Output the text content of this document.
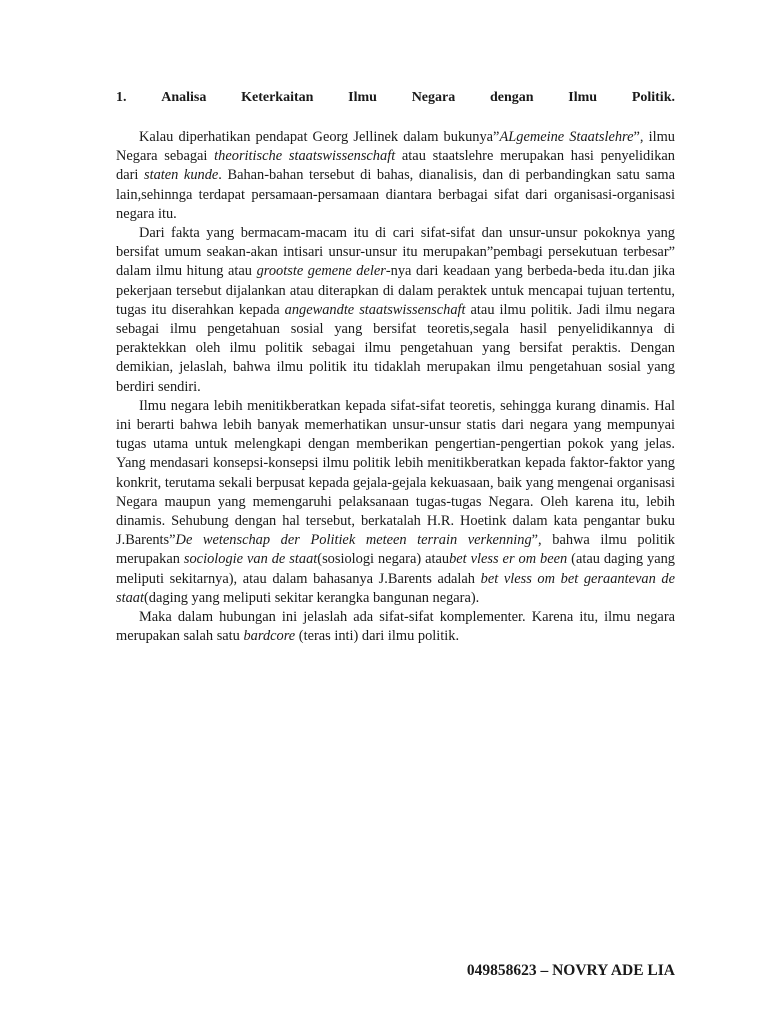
1. Analisa Keterkaitan Ilmu Negara dengan Ilmu Politik.

Kalau diperhatikan pendapat Georg Jellinek dalam bukunya”ALgemeine Staatslehre”, ilmu Negara sebagai theoritische staatswissenschaft atau staatslehre merupakan hasi penyelidikan dari staten kunde. Bahan-bahan tersebut di bahas, dianalisis, dan di perbandingkan satu sama lain,sehinnga terdapat persamaan-persamaan diantara berbagai sifat dari organisasi-organisasi negara itu.

Dari fakta yang bermacam-macam itu di cari sifat-sifat dan unsur-unsur pokoknya yang bersifat umum seakan-akan intisari unsur-unsur itu merupakan”pembagi persekutuan terbesar” dalam ilmu hitung atau grootste gemene deler-nya dari keadaan yang berbeda-beda itu.dan jika pekerjaan tersebut dijalankan atau diterapkan di dalam peraktek untuk mencapai tujuan tertentu, tugas itu diserahkan kepada angewandte staatswissenschaft atau ilmu politik. Jadi ilmu negara sebagai ilmu pengetahuan sosial yang bersifat teoretis,segala hasil penyelidikannya di peraktekkan oleh ilmu politik sebagai ilmu pengetahuan yang bersifat peraktis. Dengan demikian, jelaslah, bahwa ilmu politik itu tidaklah merupakan ilmu pengetahuan sosial yang berdiri sendiri.

Ilmu negara lebih menitikberatkan kepada sifat-sifat teoretis, sehingga kurang dinamis. Hal ini berarti bahwa lebih banyak memerhatikan unsur-unsur statis dari negara yang mempunyai tugas utama untuk melengkapi dengan memberikan pengertian-pengertian pokok yang jelas. Yang mendasari konsepsi-konsepsi ilmu politik lebih menitikberatkan kepada faktor-faktor yang konkrit, terutama sekali berpusat kepada gejala-gejala kekuasaan, baik yang mengenai organisasi Negara maupun yang memengaruhi pelaksanaan tugas-tugas Negara. Oleh karena itu, lebih dinamis. Sehubung dengan hal tersebut, berkatalah H.R. Hoetink dalam kata pengantar buku J.Barents”De wetenschap der Politiek meteen terrain verkenning”, bahwa ilmu politik merupakan sociologie van de staat(sosiologi negara) ataubet vless er om been (atau daging yang meliputi sekitarnya), atau dalam bahasanya J.Barents adalah bet vless om bet geraantevan de staat(daging yang meliputi sekitar kerangka bangunan negara).

Maka dalam hubungan ini jelaslah ada sifat-sifat komplementer. Karena itu, ilmu negara merupakan salah satu bardcore (teras inti) dari ilmu politik.

049858623 – NOVRY ADE LIA
